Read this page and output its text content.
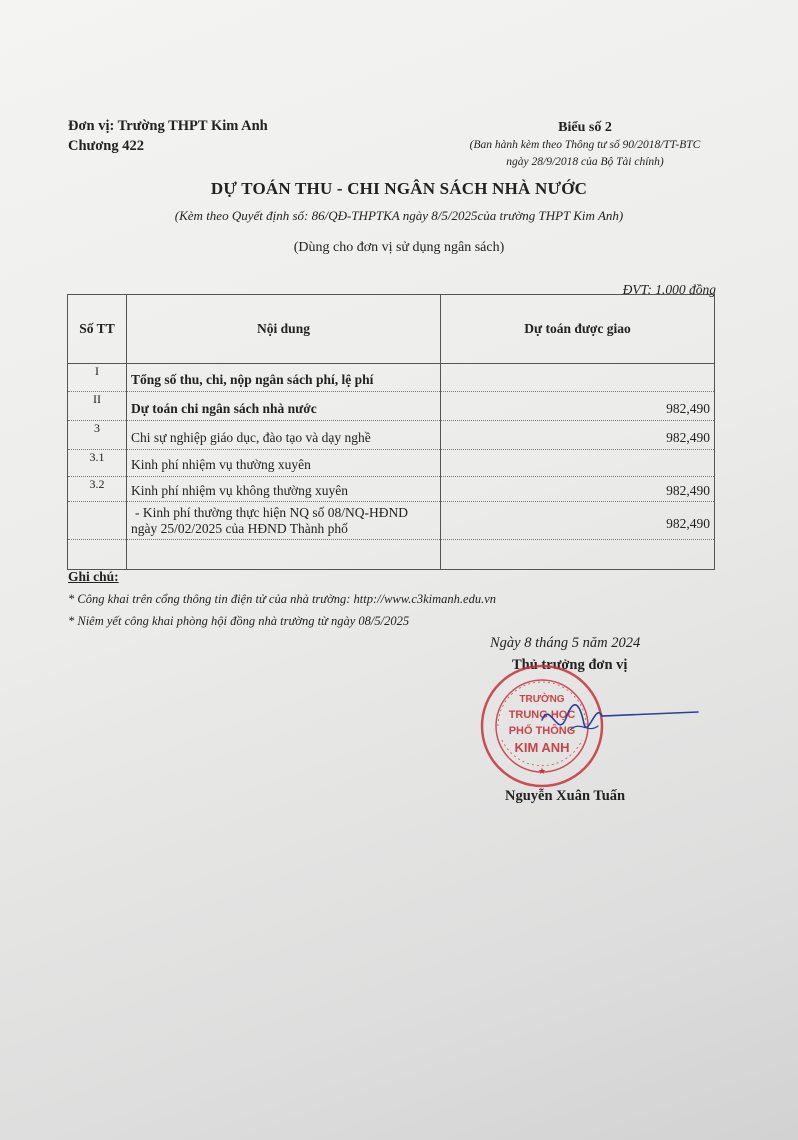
Đơn vị: Trường THPT Kim Anh
Chương 422
Biểu số 2
(Ban hành kèm theo Thông tư số 90/2018/TT-BTC
ngày 28/9/2018 của Bộ Tài chính)
DỰ TOÁN THU - CHI NGÂN SÁCH NHÀ NƯỚC
(Kèm theo Quyết định số: 86/QĐ-THPTKA ngày 8/5/2025của trường THPT Kim Anh)
(Dùng cho đơn vị sử dụng ngân sách)
ĐVT: 1.000 đồng
Số TT	Nội dung	Dự toán được giao
I	Tổng số thu, chi, nộp ngân sách phí, lệ phí	
II	Dự toán chi ngân sách nhà nước	982,490
3	Chi sự nghiệp giáo dục, đào tạo và dạy nghề	982,490
3.1	Kinh phí nhiệm vụ thường xuyên	
3.2	Kinh phí nhiệm vụ không thường xuyên	982,490

	- Kinh phí thường thực hiện NQ số 08/NQ-HĐND
ngày 25/02/2025 của HĐND Thành phố	982,490

Ghi chú:
* Công khai trên cổng thông tin điện tử của nhà trường: http://www.c3kimanh.edu.vn
* Niêm yết công khai phòng hội đồng nhà trường từ ngày 08/5/2025
Ngày 8 tháng 5 năm 2024
Thủ trưởng đơn vị
TRƯỜNG
TRUNG HỌC
PHỔ THÔNG
KIM ANH
★
Nguyễn Xuân Tuấn
